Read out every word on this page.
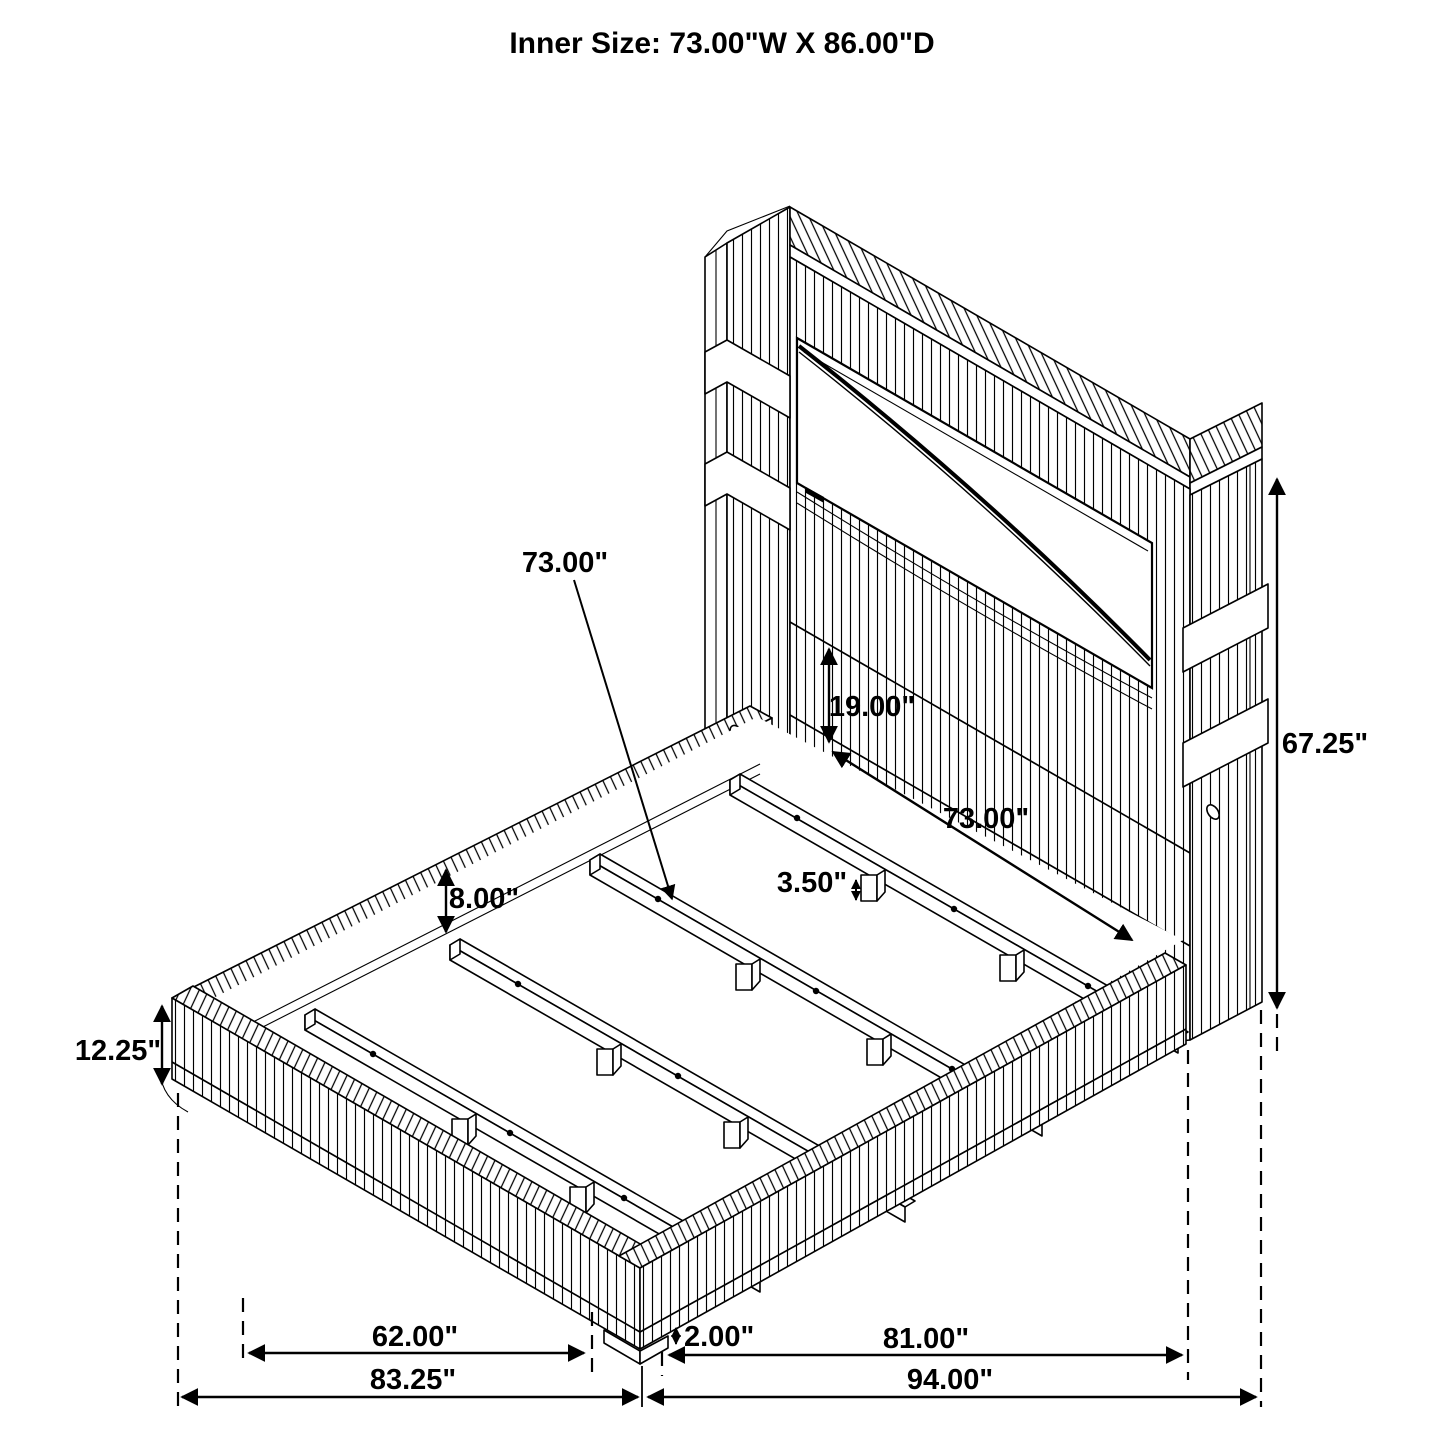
Inner Size: 73.00"W X 86.00"D
73.00"
19.00"
67.25"
73.00"
3.50"
8.00"
12.25"
62.00"	2.00"	81.00"
83.25"	94.00"
